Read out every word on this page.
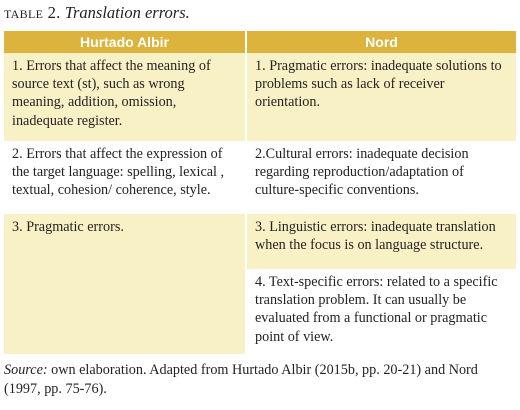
table 2. Translation errors.
Hurtado Albir	Nord
1. Errors that affect the meaning of source text (st), such as wrong meaning, addition, omission, inadequate register.	1. Pragmatic errors: inadequate solutions to problems such as lack of receiver orientation.
2. Errors that affect the expression of the target language: spelling, lexical , textual, cohesion/ coherence, style.	2.Cultural errors: inadequate decision regarding reproduction/adaptation of culture-specific conventions.
3. Pragmatic errors.	3. Linguistic errors: inadequate translation when the focus is on language structure.
	4. Text-specific errors: related to a specific translation problem. It can usually be evaluated from a functional or pragmatic point of view.
Source: own elaboration. Adapted from Hurtado Albir (2015b, pp. 20-21) and Nord (1997, pp. 75-76).
